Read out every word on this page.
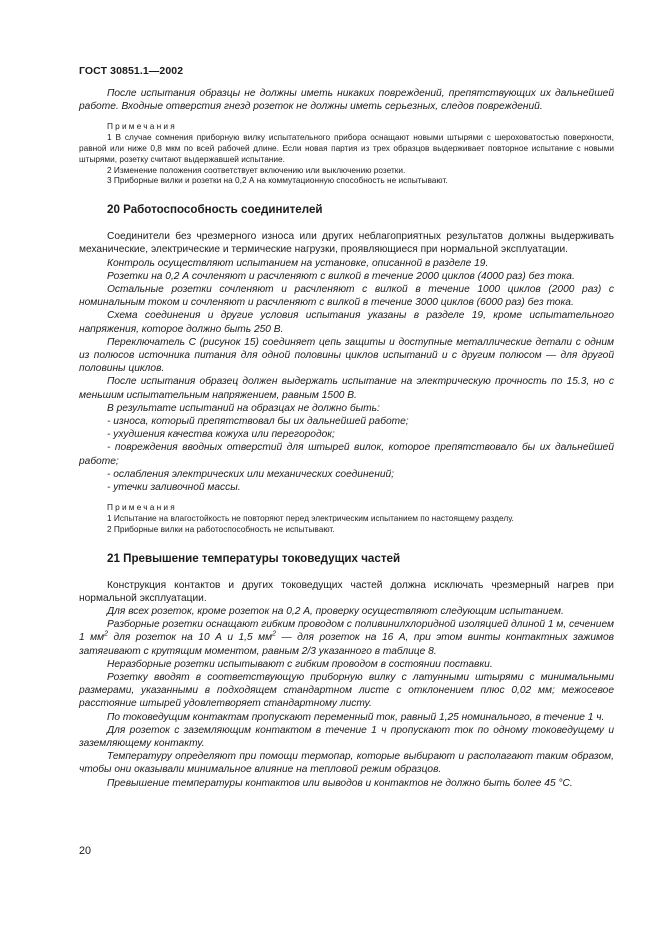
ГОСТ 30851.1—2002

После испытания образцы не должны иметь никаких повреждений, препятствующих их дальнейшей работе. Входные отверстия гнезд розеток не должны иметь серьезных, следов повреждений.

Примечания

1 В случае сомнения приборную вилку испытательного прибора оснащают новыми штырями с шероховатостью поверхности, равной или ниже 0,8 мкм по всей рабочей длине. Если новая партия из трех образцов выдерживает повторное испытание с новыми штырями, розетку считают выдержавшей испытание.

2 Изменение положения соответствует включению или выключению розетки.

3 Приборные вилки и розетки на 0,2 А на коммутационную способность не испытывают.

20 Работоспособность соединителей

Соединители без чрезмерного износа или других неблагоприятных результатов должны выдерживать механические, электрические и термические нагрузки, проявляющиеся при нормальной эксплуатации.

Контроль осуществляют испытанием на установке, описанной в разделе 19.

Розетки на 0,2 А сочленяют и расчленяют с вилкой в течение 2000 циклов (4000 раз) без тока.

Остальные розетки сочленяют и расчленяют с вилкой в течение 1000 циклов (2000 раз) с номинальным током и сочленяют и расчленяют с вилкой в течение 3000 циклов (6000 раз) без тока.

Схема соединения и другие условия испытания указаны в разделе 19, кроме испытательного напряжения, которое должно быть 250 В.

Переключатель С (рисунок 15) соединяет цепь защиты и доступные металлические детали с одним из полюсов источника питания для одной половины циклов испытаний и с другим полюсом — для другой половины циклов.

После испытания образец должен выдержать испытание на электрическую прочность по 15.3, но с меньшим испытательным напряжением, равным 1500 В.

В результате испытаний на образцах не должно быть:

- износа, который препятствовал бы их дальнейшей работе;

- ухудшения качества кожуха или перегородок;

- повреждения вводных отверстий для штырей вилок, которое препятствовало бы их дальнейшей работе;

- ослабления электрических или механических соединений;

- утечки заливочной массы.

Примечания

1 Испытание на влагостойкость не повторяют перед электрическим испытанием по настоящему разделу.

2 Приборные вилки на работоспособность не испытывают.

21 Превышение температуры токоведущих частей

Конструкция контактов и других токоведущих частей должна исключать чрезмерный нагрев при нормальной эксплуатации.

Для всех розеток, кроме розеток на 0,2 А, проверку осуществляют следующим испытанием.

Разборные розетки оснащают гибким проводом с поливинилхлоридной изоляцией длиной 1 м, сечением 1 $мм^2$ для розеток на 10 А и 1,5 $мм^2$ — для розеток на 16 А, при этом винты контактных зажимов затягивают с крутящим моментом, равным 2/3 указанного в таблице 8.

Неразборные розетки испытывают с гибким проводом в состоянии поставки.

Розетку вводят в соответствующую приборную вилку с латунными штырями с минимальными размерами, указанными в подходящем стандартном листе с отклонением плюс 0,02 мм; межосевое расстояние штырей удовлетворяет стандартному листу.

По токоведущим контактам пропускают переменный ток, равный 1,25 номинального, в течение 1 ч.

Для розеток с заземляющим контактом в течение 1 ч пропускают ток по одному токоведущему и заземляющему контакту.

Температуру определяют при помощи термопар, которые выбирают и располагают таким образом, чтобы они оказывали минимальное влияние на тепловой режим образцов.

Превышение температуры контактов или выводов и контактов не должно быть более 45 °С.

20
